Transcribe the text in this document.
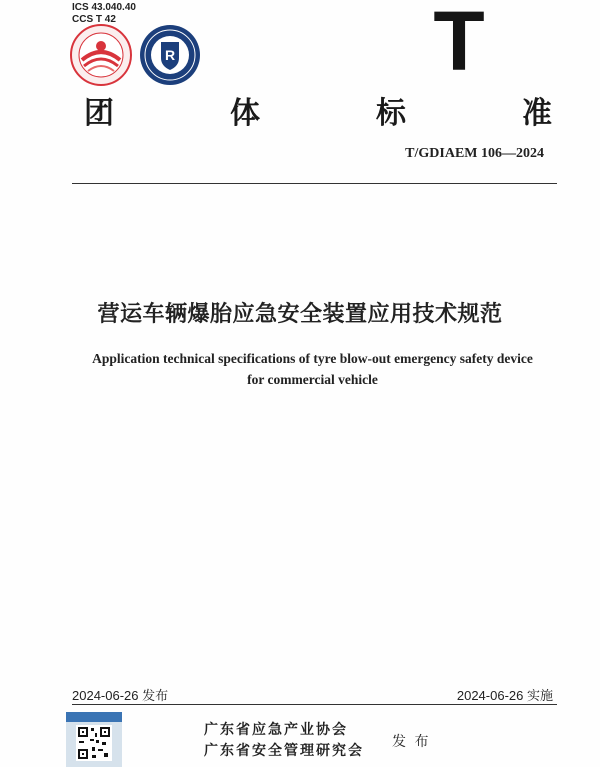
ICS 43.040.40
CCS T 42
R	T
团	体	标	准
T/GDIAEM 106—2024
营运车辆爆胎应急安全装置应用技术规范
Application technical specifications of tyre blow-out emergency safety device
for commercial vehicle
2024-06-26 发布	2024-06-26 实施
广东省应急产业协会
广东省安全管理研究会
发 布
